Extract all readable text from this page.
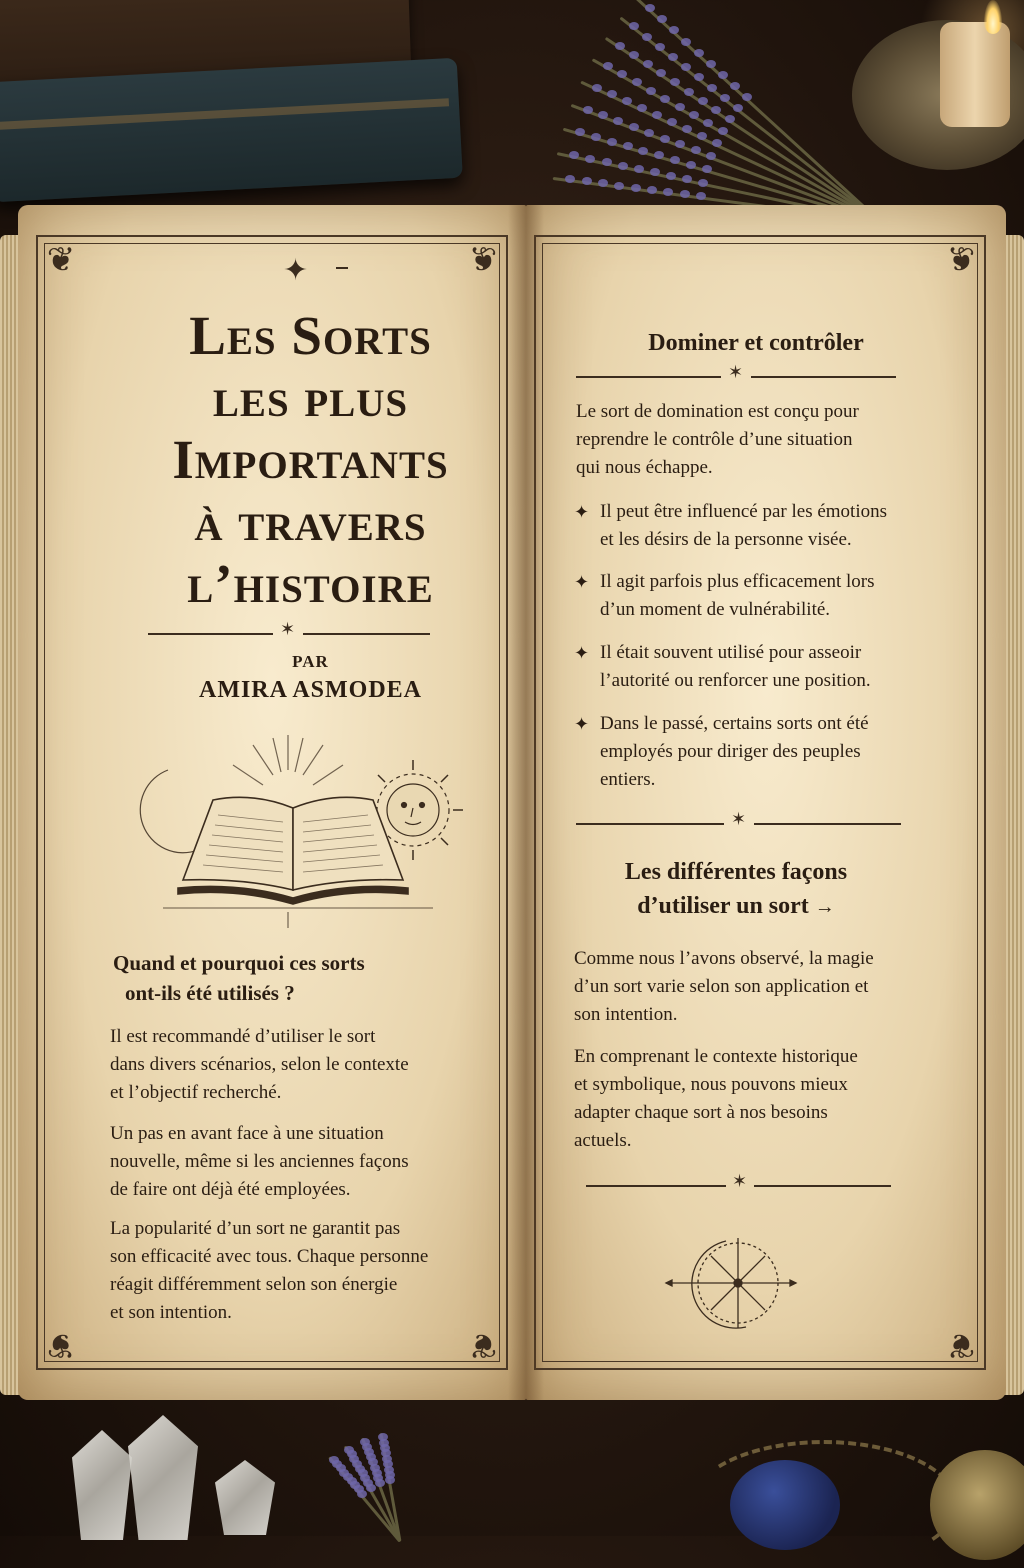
❦	❦
❦	❦
✦
Les Sorts
les plus
Importants
à travers
l’histoire
✶
PAR
AMIRA ASMODEA
Quand et pourquoi ces sorts
ont-ils été utilisés ?
Il est recommandé d’utiliser le sort
dans divers scénarios, selon le contexte
et l’objectif recherché.
Un pas en avant face à une situation
nouvelle, même si les anciennes façons
de faire ont déjà été employées.
La popularité d’un sort ne garantit pas
son efficacité avec tous. Chaque personne
réagit différemment selon son énergie
et son intention.
❦
❦
Dominer et contrôler
✶
Le sort de domination est conçu pour
reprendre le contrôle d’une situation
qui nous échappe.
✦ Il peut être influencé par les émotions
et les désirs de la personne visée.
✦ Il agit parfois plus efficacement lors
d’un moment de vulnérabilité.
✦ Il était souvent utilisé pour asseoir
l’autorité ou renforcer une position.
✦ Dans le passé, certains sorts ont été
employés pour diriger des peuples
entiers.
✶
Les différentes façons
d’utiliser un sort →
Comme nous l’avons observé, la magie
d’un sort varie selon son application et
son intention.
En comprenant le contexte historique
et symbolique, nous pouvons mieux
adapter chaque sort à nos besoins
actuels.
✶
